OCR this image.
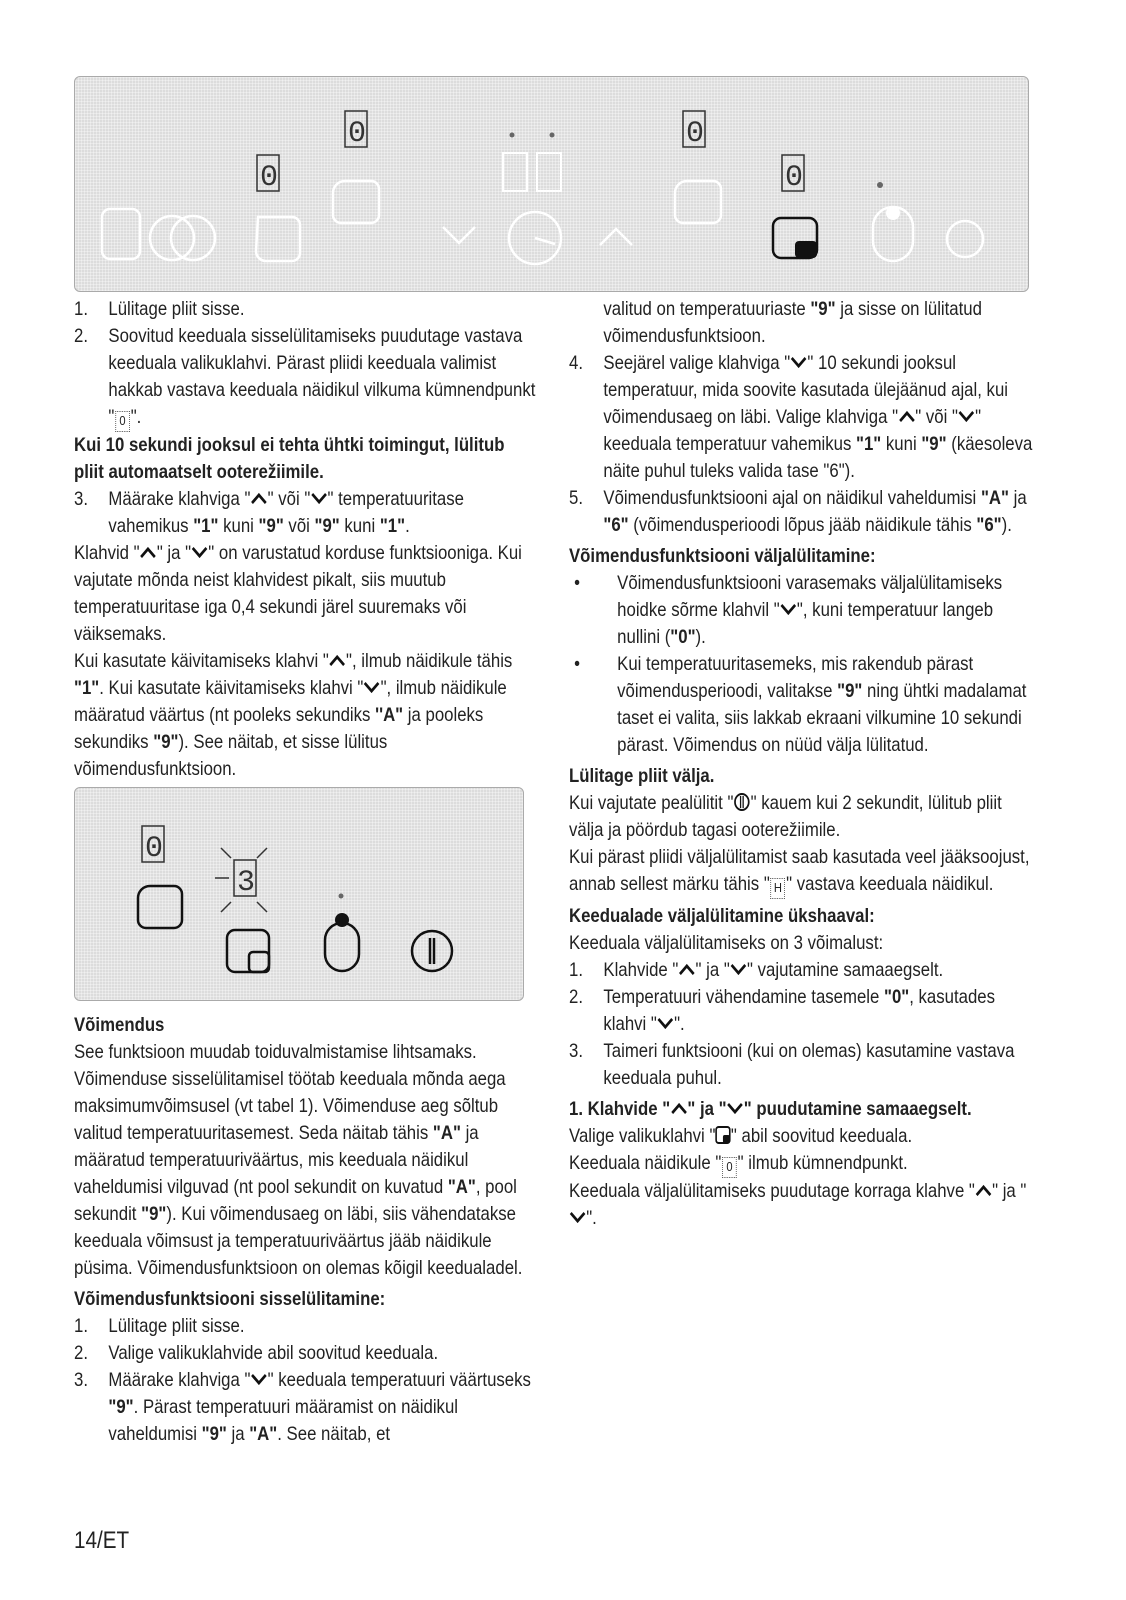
0
0	0
0

1. Lülitage pliit sisse.

2. Soovitud keeduala sisselülitamiseks puudutage vastava keeduala valikuklahvi. Pärast pliidi keeduala valimist hakkab vastava keeduala näidikul vilkuma kümnendpunkt " 0 ".

Kui 10 sekundi jooksul ei tehta ühtki toimingut, lülitub pliit automaatselt ooterežiimile.

3. Määrake klahviga " " või " " temperatuuritase vahemikus "1" kuni "9" või "9" kuni "1".

Klahvid " " ja " " on varustatud korduse funktsiooniga. Kui vajutate mõnda neist klahvidest pikalt, siis muutub temperatuuritase iga 0,4 sekundi järel suuremaks või väiksemaks.

Kui kasutate käivitamiseks klahvi " ", ilmub näidikule tähis "1". Kui kasutate käivitamiseks klahvi " ", ilmub näidikule määratud väärtus (nt pooleks sekundiks ''A" ja pooleks sekundiks "9"). See näitab, et sisse lülitus võimendusfunktsioon.

0
3

Võimendus

See funktsioon muudab toiduvalmistamise lihtsamaks. Võimenduse sisselülitamisel töötab keeduala mõnda aega maksimumvõimsusel (vt tabel 1). Võimenduse aeg sõltub valitud temperatuuritasemest. Seda näitab tähis "A" ja määratud temperatuuriväärtus, mis keeduala näidikul vaheldumisi vilguvad (nt pool sekundit on kuvatud "A", pool sekundit "9"). Kui võimendusaeg on läbi, siis vähendatakse keeduala võimsust ja temperatuuriväärtus jääb näidikule püsima. Võimendusfunktsioon on olemas kõigil keedualadel.

Võimendusfunktsiooni sisselülitamine:

1. Lülitage pliit sisse.

2. Valige valikuklahvide abil soovitud keeduala.

3. Määrake klahviga " " keeduala temperatuuri väärtuseks "9". Pärast temperatuuri määramist on näidikul vaheldumisi "9" ja "A". See näitab, et

valitud on temperatuuriaste "9" ja sisse on lülitatud võimendusfunktsioon.

4. Seejärel valige klahviga " " 10 sekundi jooksul temperatuur, mida soovite kasutada ülejäänud ajal, kui võimendusaeg on läbi. Valige klahviga " " või " " keeduala temperatuur vahemikus "1" kuni "9" (käesoleva näite puhul tuleks valida tase "6").

5. Võimendusfunktsiooni ajal on näidikul vaheldumisi "A" ja "6" (võimendusperioodi lõpus jääb näidikule tähis "6").

Võimendusfunktsiooni väljalülitamine:

• Võimendusfunktsiooni varasemaks väljalülitamiseks hoidke sõrme klahvil " ", kuni temperatuur langeb nullini ("0").

• Kui temperatuuritasemeks, mis rakendub pärast võimendusperioodi, valitakse "9" ning ühtki madalamat taset ei valita, siis lakkab ekraani vilkumine 10 sekundi pärast. Võimendus on nüüd välja lülitatud.

Lülitage pliit välja.

Kui vajutate pealülitit " " kauem kui 2 sekundit, lülitub pliit välja ja pöördub tagasi ooterežiimile.

Kui pärast pliidi väljalülitamist saab kasutada veel jääksoojust, annab sellest märku tähis " H " vastava keeduala näidikul.

Keedualade väljalülitamine ükshaaval:

Keeduala väljalülitamiseks on 3 võimalust:

1. Klahvide " " ja " " vajutamine samaaegselt.

2. Temperatuuri vähendamine tasemele "0", kasutades klahvi " ".

3. Taimeri funktsiooni (kui on olemas) kasutamine vastava keeduala puhul.

1. Klahvide " " ja " " puudutamine samaaegselt.

Valige valikuklahvi " " abil soovitud keeduala.

Keeduala näidikule " 0 " ilmub kümnendpunkt.

Keeduala väljalülitamiseks puudutage korraga klahve " " ja "".

14/ET
